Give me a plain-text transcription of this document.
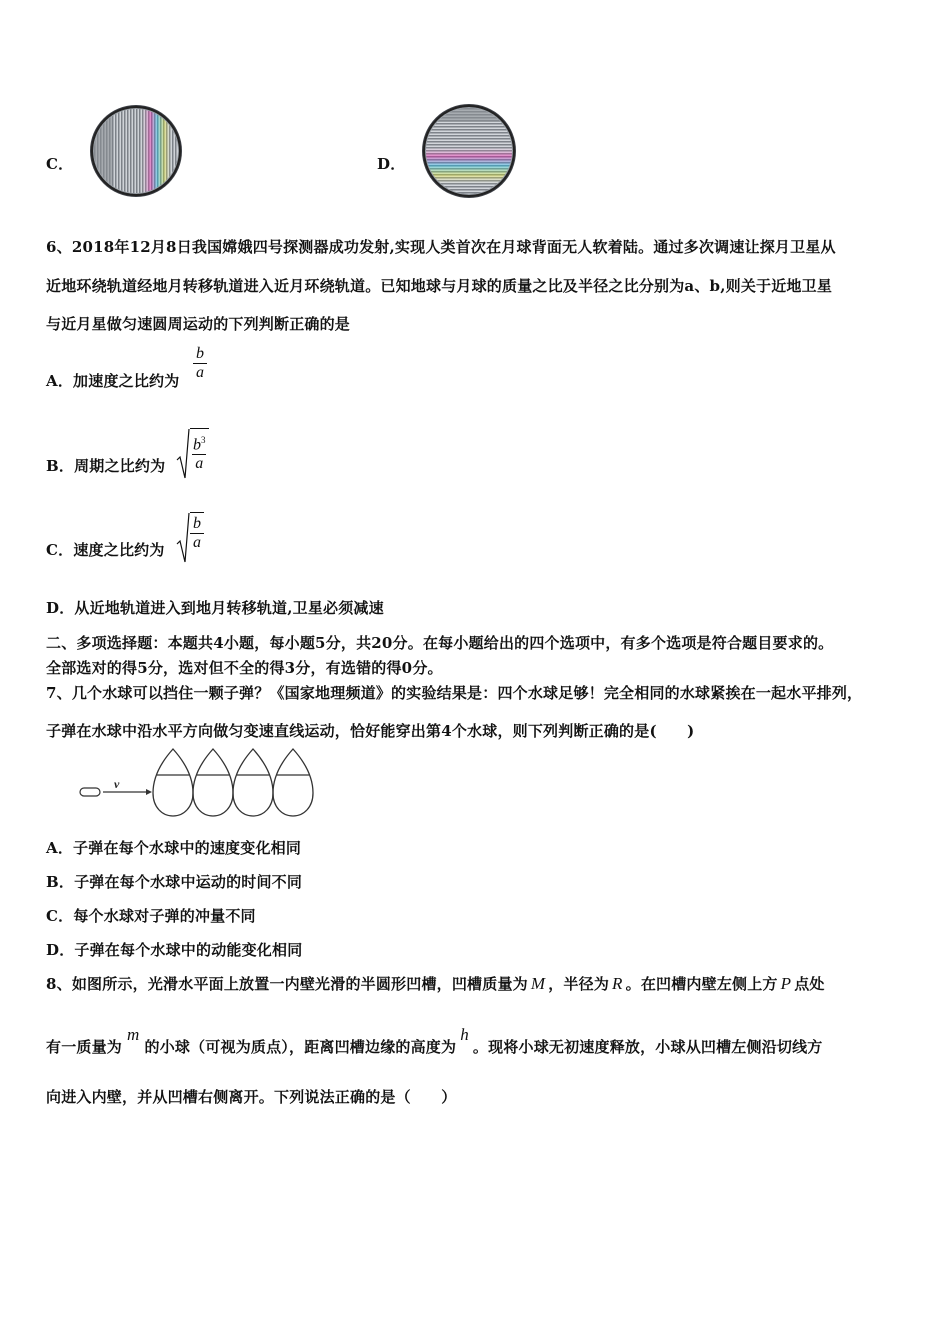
C．	D．
6、2018年12月8日我国嫦娥四号探测器成功发射,实现人类首次在月球背面无人软着陆。通过多次调速让探月卫星从
近地环绕轨道经地月转移轨道进入近月环绕轨道。已知地球与月球的质量之比及半径之比分别为a、b,则关于近地卫星
与近月星做匀速圆周运动的下列判断正确的是
A．加速度之比约为 $\frac{b}{a}$
B．周期之比约为 $\frac{b^3}{a}$
C．速度之比约为 $\frac{b}{a}$
D．从近地轨道进入到地月转移轨道,卫星必须减速
二、多项选择题：本题共4小题，每小题5分，共20分。在每小题给出的四个选项中，有多个选项是符合题目要求的。
全部选对的得5分，选对但不全的得3分，有选错的得0分。
7、几个水球可以挡住一颗子弹？《国家地理频道》的实验结果是：四个水球足够！完全相同的水球紧挨在一起水平排列，
子弹在水球中沿水平方向做匀变速直线运动，恰好能穿出第4个水球，则下列判断正确的是(　　)
v
A．子弹在每个水球中的速度变化相同
B．子弹在每个水球中运动的时间不同
C．每个水球对子弹的冲量不同
D．子弹在每个水球中的动能变化相同
8、如图所示，光滑水平面上放置一内壁光滑的半圆形凹槽，凹槽质量为 M ，半径为 R 。在凹槽内壁左侧上方 P 点处
有一质量为m的小球（可视为质点），距离凹槽边缘的高度为h。现将小球无初速度释放，小球从凹槽左侧沿切线方
向进入内壁，并从凹槽右侧离开。下列说法正确的是（　　）
